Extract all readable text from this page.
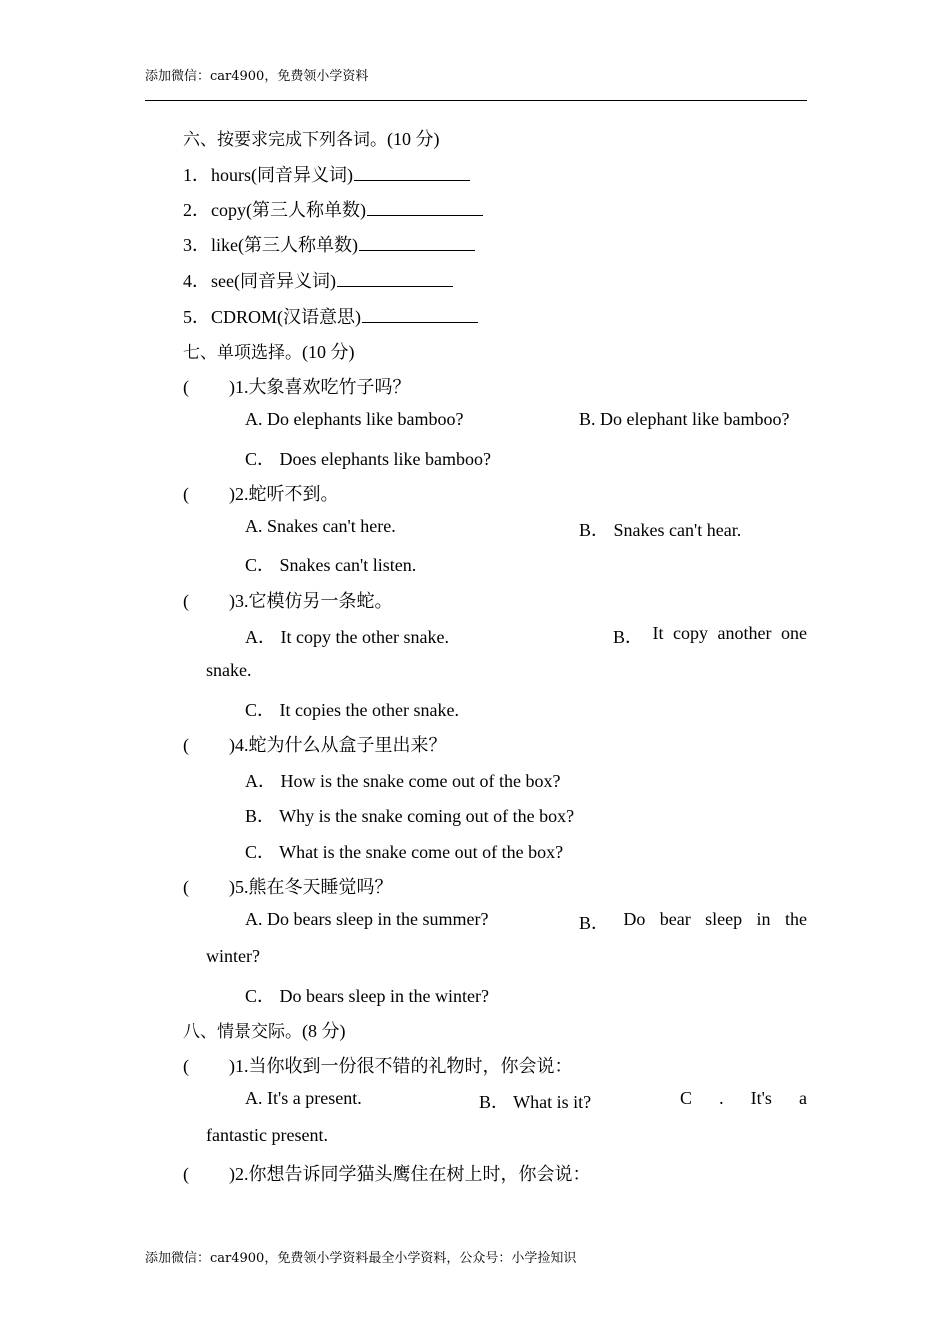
添加微信：car4900，免费领小学资料
六、按要求完成下列各词。(10 分)
1．hours(同音异义词)
2．copy(第三人称单数)
3．like(第三人称单数)
4．see(同音异义词)
5．CDROM(汉语意思)
七、单项选择。(10 分)
( )1.大象喜欢吃竹子吗？
A. Do elephants like bamboo?	B. Do elephant like bamboo?
C． Does elephants like bamboo?
( )2.蛇听不到。
A. Snakes can't here.	B． Snakes can't hear.
C． Snakes can't listen.
( )3.它模仿另一条蛇。
A． It copy the other snake.	B． It copy another one
snake.
C． It copies the other snake.
( )4.蛇为什么从盒子里出来？
A． How is the snake come out of the box?
B． Why is the snake coming out of the box?
C． What is the snake come out of the box?
( )5.熊在冬天睡觉吗？
A. Do bears sleep in the summer?	B． Do bear sleep in the
winter?
C． Do bears sleep in the winter?
八、情景交际。(8 分)
( )1.当你收到一份很不错的礼物时，你会说：
A. It's a present.	B． What is it?	C . It's a
fantastic present.
( )2.你想告诉同学猫头鹰住在树上时，你会说：
添加微信：car4900，免费领小学资料最全小学资料，公众号：小学捡知识
